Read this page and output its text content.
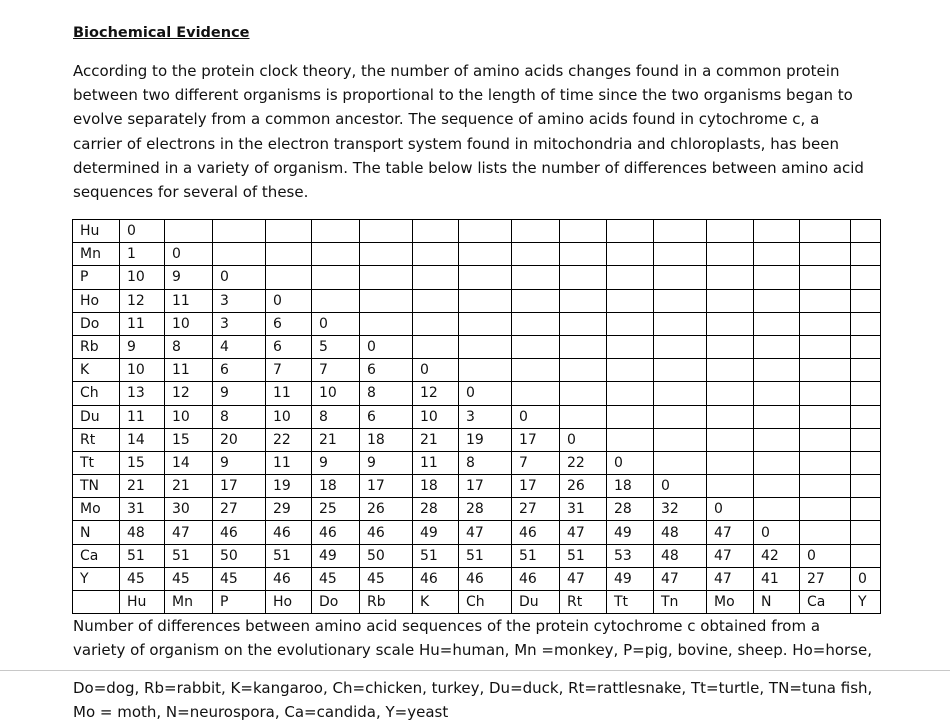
Biochemical Evidence

According to the protein clock theory, the number of amino acids changes found in a common protein between two different organisms is proportional to the length of time since the two organisms began to evolve separately from a common ancestor. The sequence of amino acids found in cytochrome c, a carrier of electrons in the electron transport system found in mitochondria and chloroplasts, has been determined in a variety of organism. The table below lists the number of differences between amino acid sequences for several of these.

Hu	0															
Mn	1	0														
P	10	9	0													
Ho	12	11	3	0												
Do	11	10	3	6	0											
Rb	9	8	4	6	5	0										
K	10	11	6	7	7	6	0									
Ch	13	12	9	11	10	8	12	0								
Du	11	10	8	10	8	6	10	3	0							
Rt	14	15	20	22	21	18	21	19	17	0						
Tt	15	14	9	11	9	9	11	8	7	22	0					
TN	21	21	17	19	18	17	18	17	17	26	18	0				
Mo	31	30	27	29	25	26	28	28	27	31	28	32	0			
N	48	47	46	46	46	46	49	47	46	47	49	48	47	0		
Ca	51	51	50	51	49	50	51	51	51	51	53	48	47	42	0	
Y	45	45	45	46	45	45	46	46	46	47	49	47	47	41	27	0
	Hu	Mn	P	Ho	Do	Rb	K	Ch	Du	Rt	Tt	Tn	Mo	N	Ca	Y

Number of differences between amino acid sequences of the protein cytochrome c obtained from a variety of organism on the evolutionary scale Hu=human, Mn =monkey, P=pig, bovine, sheep. Ho=horse,

Do=dog, Rb=rabbit, K=kangaroo, Ch=chicken, turkey, Du=duck, Rt=rattlesnake, Tt=turtle, TN=tuna fish, Mo = moth, N=neurospora, Ca=candida, Y=yeast
